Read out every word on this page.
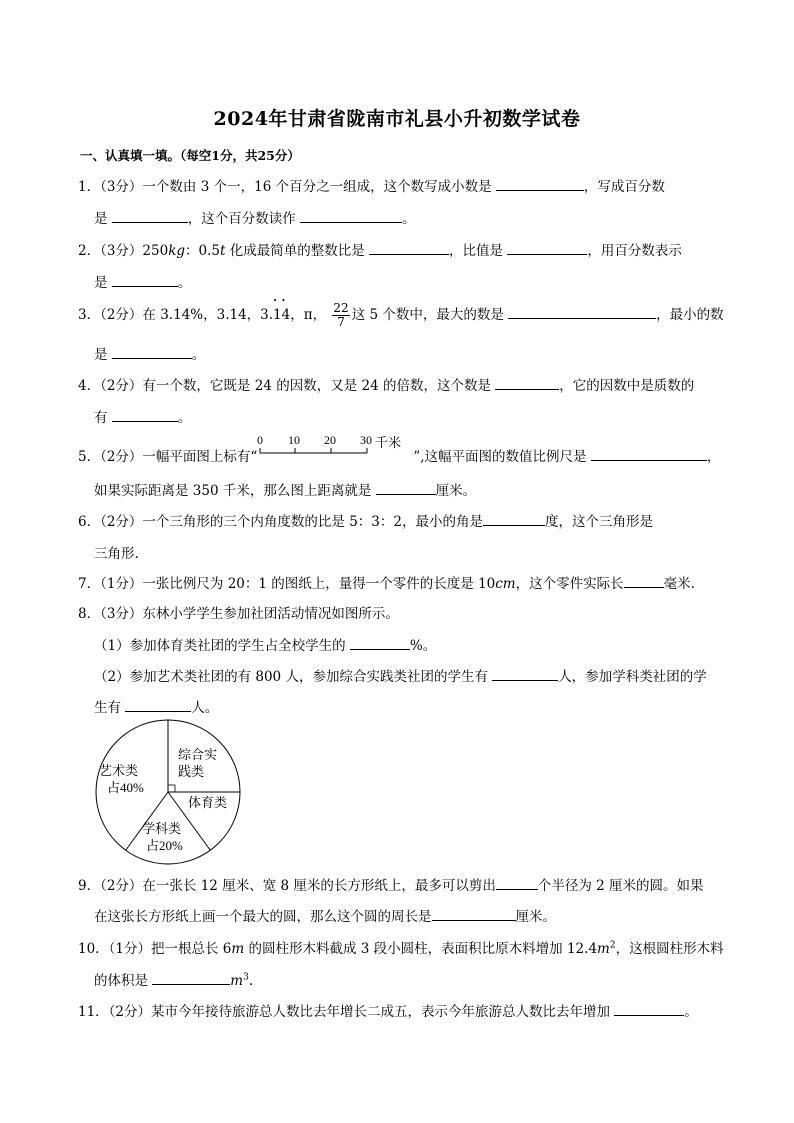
2024年甘肃省陇南市礼县小升初数学试卷
一、认真填一填。（每空1分，共25分）
1．（3分）一个数由 3 个一，16 个百分之一组成，这个数写成小数是	，写成百分数
是	，这个百分数读作	。
2．（3分）250kg：0.5t 化成最简单的整数比是	，比值是	，用百分数表示
是	。
3．（2分）在 3.14%，3.14，3.• • 14，π， $\frac{22}{7}$ 这 5 个数中，最大的数是	，最小的数
是	。
4．（2分）有一个数，它既是 24 的因数，又是 24 的倍数，这个数是	，它的因数中是质数的
有	。
5．（2分）一幅平面图上标有“
0 10 20 30 千米
”,这幅平面图的数值比例尺是	，
如果实际距离是 350 千米，那么图上距离就是	厘米。
6．（2分）一个三角形的三个内角度数的比是 5：3：2，最小的角是	度，这个三角形是
三角形.
7．（1分）一张比例尺为 20：1 的图纸上，量得一个零件的长度是 10cm，这个零件实际长	毫米.
8．（3分）东林小学学生参加社团活动情况如图所示。
（1）参加体育类社团的学生占全校学生的	%。
（2）参加艺术类社团的有 800 人，参加综合实践类社团的学生有	人，参加学科类社团的学
生有	人。
艺术类
占40%
综合实
践类
体育类
学科类
占20%
9．（2分）在一张长 12 厘米、宽 8 厘米的长方形纸上，最多可以剪出	个半径为 2 厘米的圆。如果
在这张长方形纸上画一个最大的圆，那么这个圆的周长是	厘米。
10．（1分）把一根总长 6m 的圆柱形木料截成 3 段小圆柱，表面积比原木料增加 $12.4m^2$，这根圆柱形木料
的体积是	$m^3$.
11．（2分）某市今年接待旅游总人数比去年增长二成五，表示今年旅游总人数比去年增加	。
